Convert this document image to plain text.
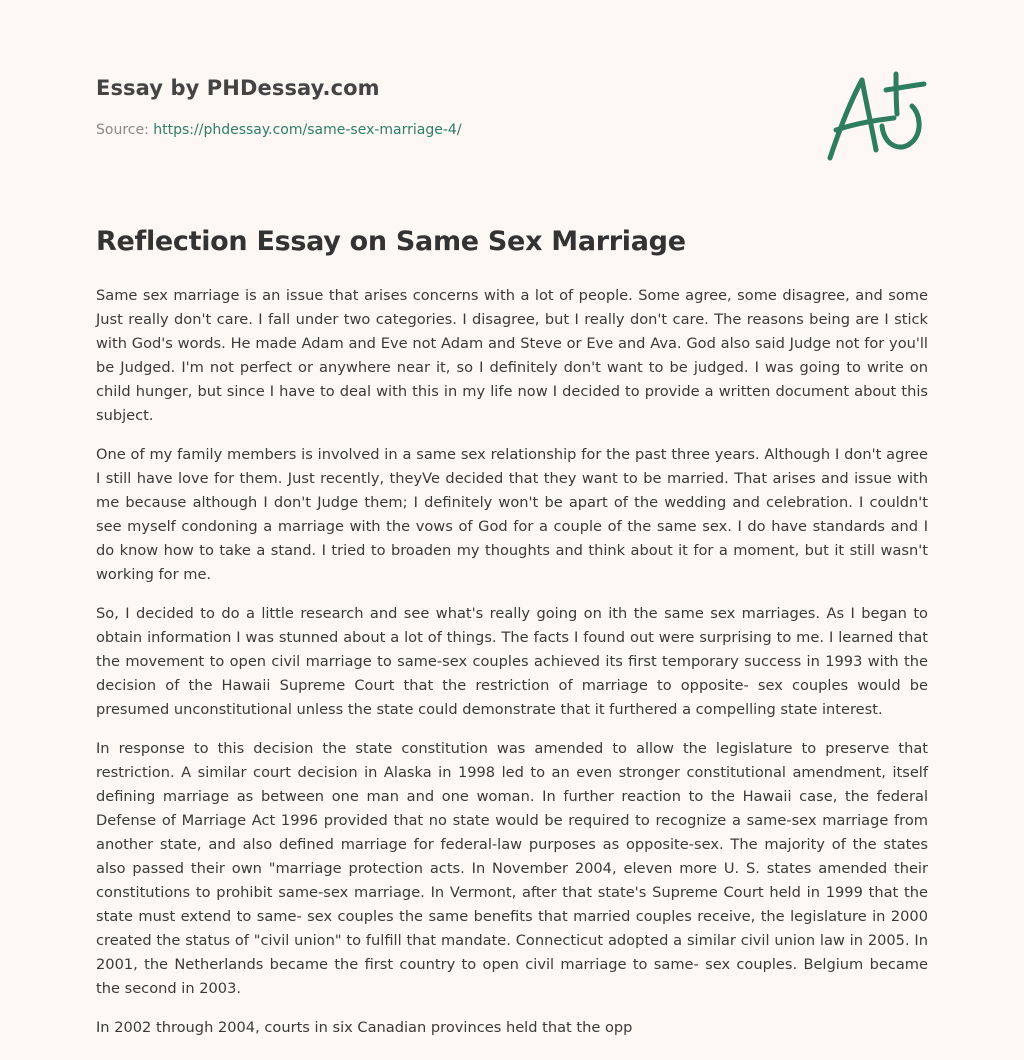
Essay by PHDessay.com
Source: https://phdessay.com/same-sex-marriage-4/
Reflection Essay on Same Sex Marriage

Same sex marriage is an issue that arises concerns with a lot of people. Some agree, some disagree, and some Just really don't care. I fall under two categories. I disagree, but I really don't care. The reasons being are I stick with God's words. He made Adam and Eve not Adam and Steve or Eve and Ava. God also said Judge not for you'll be Judged. I'm not perfect or anywhere near it, so I definitely don't want to be judged. I was going to write on child hunger, but since I have to deal with this in my life now I decided to provide a written document about this subject.

One of my family members is involved in a same sex relationship for the past three years. Although I don't agree I still have love for them. Just recently, theyVe decided that they want to be married. That arises and issue with me because although I don't Judge them; I definitely won't be apart of the wedding and celebration. I couldn't see myself condoning a marriage with the vows of God for a couple of the same sex. I do have standards and I do know how to take a stand. I tried to broaden my thoughts and think about it for a moment, but it still wasn't working for me.

So, I decided to do a little research and see what's really going on ith the same sex marriages. As I began to obtain information I was stunned about a lot of things. The facts I found out were surprising to me. I learned that the movement to open civil marriage to same-sex couples achieved its first temporary success in 1993 with the decision of the Hawaii Supreme Court that the restriction of marriage to opposite- sex couples would be presumed unconstitutional unless the state could demonstrate that it furthered a compelling state interest.

In response to this decision the state constitution was amended to allow the legislature to preserve that restriction. A similar court decision in Alaska in 1998 led to an even stronger constitutional amendment, itself defining marriage as between one man and one woman. In further reaction to the Hawaii case, the federal Defense of Marriage Act 1996 provided that no state would be required to recognize a same-sex marriage from another state, and also defined marriage for federal-law purposes as opposite-sex. The majority of the states also passed their own "marriage protection acts. In November 2004, eleven more U. S. states amended their constitutions to prohibit same-sex marriage. In Vermont, after that state's Supreme Court held in 1999 that the state must extend to same- sex couples the same benefits that married couples receive, the legislature in 2000 created the status of "civil union" to fulfill that mandate. Connecticut adopted a similar civil union law in 2005. In 2001, the Netherlands became the first country to open civil marriage to same- sex couples. Belgium became the second in 2003.

In 2002 through 2004, courts in six Canadian provinces held that the opp
